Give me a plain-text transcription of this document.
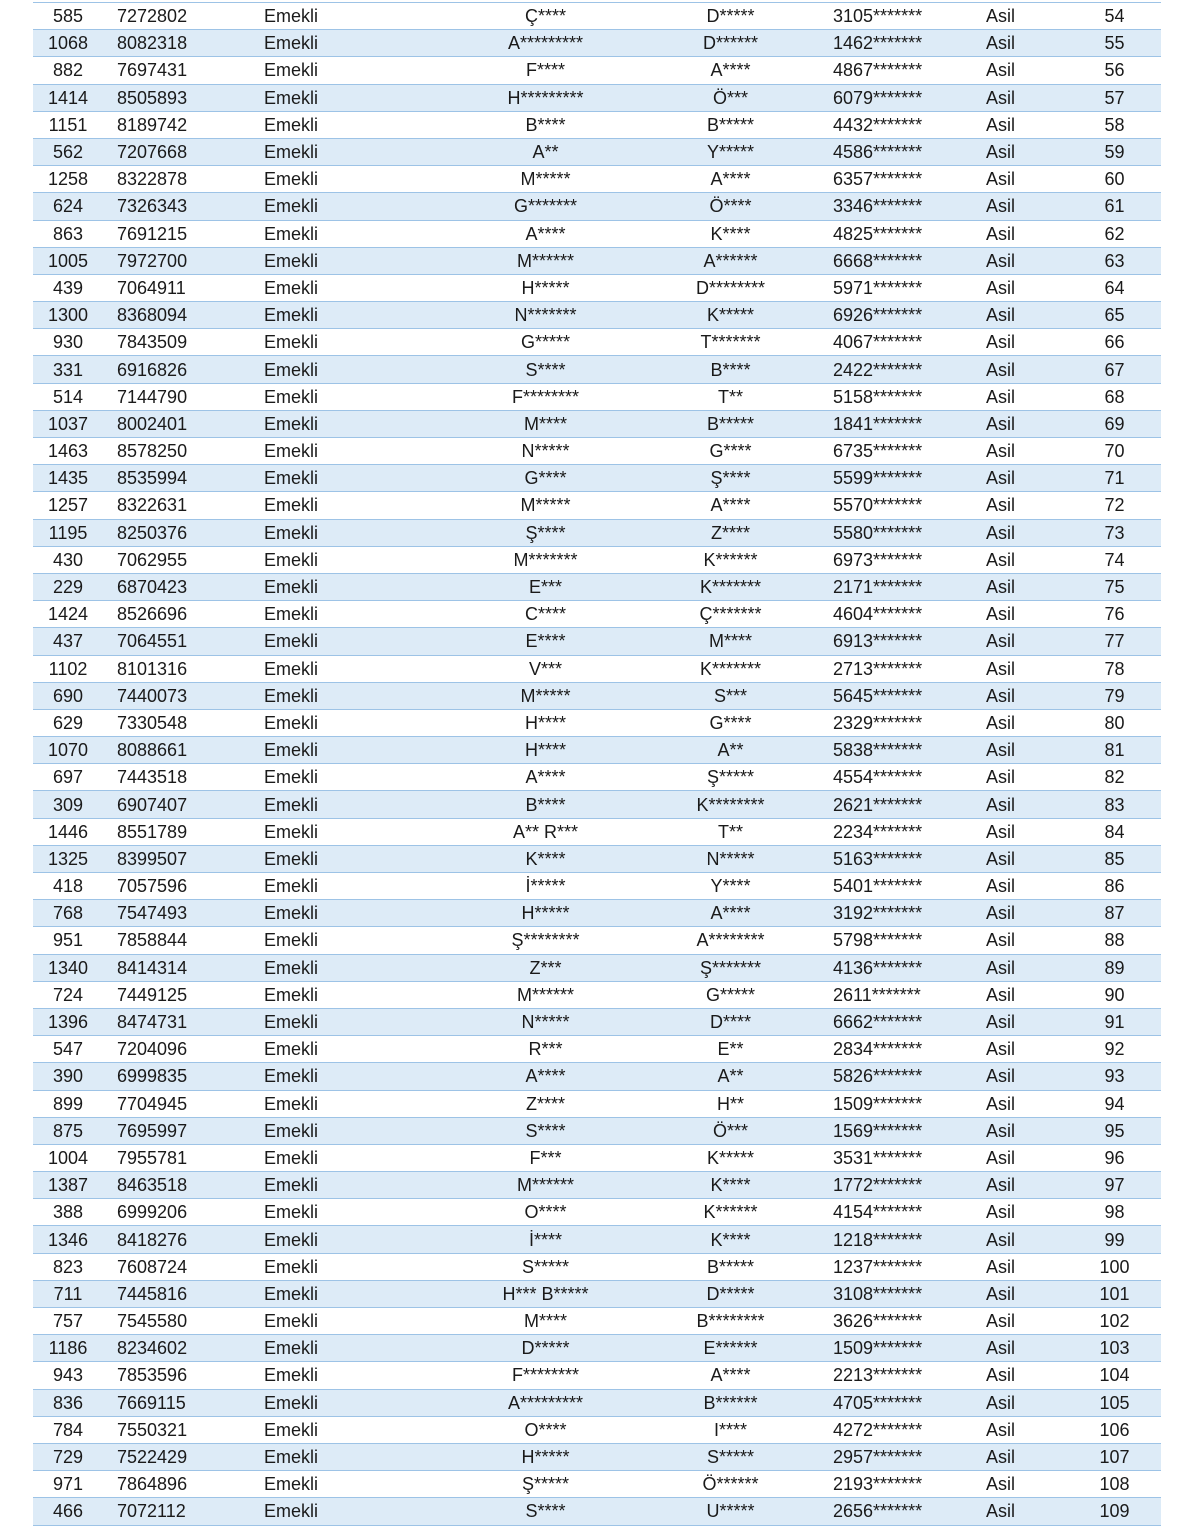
585	7272802	Emekli	Ç****	D*****	3105*******	Asil	54
1068	8082318	Emekli	A*********	D******	1462*******	Asil	55
882	7697431	Emekli	F****	A****	4867*******	Asil	56
1414	8505893	Emekli	H*********	Ö***	6079*******	Asil	57
1151	8189742	Emekli	B****	B*****	4432*******	Asil	58
562	7207668	Emekli	A**	Y*****	4586*******	Asil	59
1258	8322878	Emekli	M*****	A****	6357*******	Asil	60
624	7326343	Emekli	G*******	Ö****	3346*******	Asil	61
863	7691215	Emekli	A****	K****	4825*******	Asil	62
1005	7972700	Emekli	M******	A******	6668*******	Asil	63
439	7064911	Emekli	H*****	D********	5971*******	Asil	64
1300	8368094	Emekli	N*******	K*****	6926*******	Asil	65
930	7843509	Emekli	G*****	T*******	4067*******	Asil	66
331	6916826	Emekli	S****	B****	2422*******	Asil	67
514	7144790	Emekli	F********	T**	5158*******	Asil	68
1037	8002401	Emekli	M****	B*****	1841*******	Asil	69
1463	8578250	Emekli	N*****	G****	6735*******	Asil	70
1435	8535994	Emekli	G****	Ş****	5599*******	Asil	71
1257	8322631	Emekli	M*****	A****	5570*******	Asil	72
1195	8250376	Emekli	Ş****	Z****	5580*******	Asil	73
430	7062955	Emekli	M*******	K******	6973*******	Asil	74
229	6870423	Emekli	E***	K*******	2171*******	Asil	75
1424	8526696	Emekli	C****	Ç*******	4604*******	Asil	76
437	7064551	Emekli	E****	M****	6913*******	Asil	77
1102	8101316	Emekli	V***	K*******	2713*******	Asil	78
690	7440073	Emekli	M*****	S***	5645*******	Asil	79
629	7330548	Emekli	H****	G****	2329*******	Asil	80
1070	8088661	Emekli	H****	A**	5838*******	Asil	81
697	7443518	Emekli	A****	Ş*****	4554*******	Asil	82
309	6907407	Emekli	B****	K********	2621*******	Asil	83
1446	8551789	Emekli	A** R***	T**	2234*******	Asil	84
1325	8399507	Emekli	K****	N*****	5163*******	Asil	85
418	7057596	Emekli	İ*****	Y****	5401*******	Asil	86
768	7547493	Emekli	H*****	A****	3192*******	Asil	87
951	7858844	Emekli	Ş********	A********	5798*******	Asil	88
1340	8414314	Emekli	Z***	Ş*******	4136*******	Asil	89
724	7449125	Emekli	M******	G*****	2611*******	Asil	90
1396	8474731	Emekli	N*****	D****	6662*******	Asil	91
547	7204096	Emekli	R***	E**	2834*******	Asil	92
390	6999835	Emekli	A****	A**	5826*******	Asil	93
899	7704945	Emekli	Z****	H**	1509*******	Asil	94
875	7695997	Emekli	S****	Ö***	1569*******	Asil	95
1004	7955781	Emekli	F***	K*****	3531*******	Asil	96
1387	8463518	Emekli	M******	K****	1772*******	Asil	97
388	6999206	Emekli	O****	K******	4154*******	Asil	98
1346	8418276	Emekli	İ****	K****	1218*******	Asil	99
823	7608724	Emekli	S*****	B*****	1237*******	Asil	100
711	7445816	Emekli	H*** B*****	D*****	3108*******	Asil	101
757	7545580	Emekli	M****	B********	3626*******	Asil	102
1186	8234602	Emekli	D*****	E******	1509*******	Asil	103
943	7853596	Emekli	F********	A****	2213*******	Asil	104
836	7669115	Emekli	A*********	B******	4705*******	Asil	105
784	7550321	Emekli	O****	I****	4272*******	Asil	106
729	7522429	Emekli	H*****	S*****	2957*******	Asil	107
971	7864896	Emekli	Ş*****	Ö******	2193*******	Asil	108
466	7072112	Emekli	S****	U*****	2656*******	Asil	109
